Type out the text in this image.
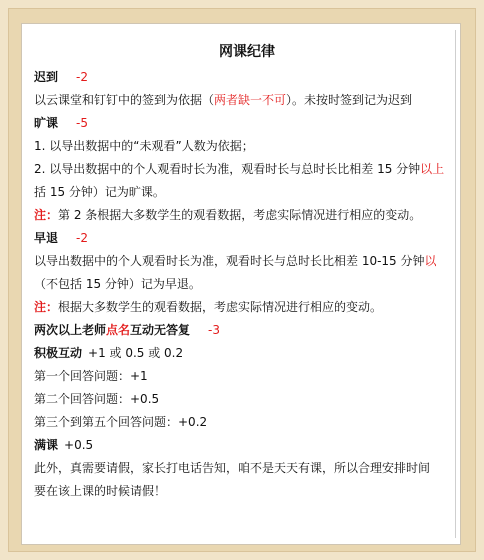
网课纪律
迟到 -2
以云课堂和钉钉中的签到为依据（两者缺一不可）。未按时签到记为迟到
旷课 -5
1. 以导出数据中的“未观看”人数为依据；
2. 以导出数据中的个人观看时长为准，观看时长与总时长比相差 15 分钟以上
括 15 分钟）记为旷课。
注：第 2 条根据大多数学生的观看数据，考虑实际情况进行相应的变动。
早退 -2
以导出数据中的个人观看时长为准，观看时长与总时长比相差 10-15 分钟以
（不包括 15 分钟）记为早退。
注：根据大多数学生的观看数据，考虑实际情况进行相应的变动。
两次以上老师点名互动无答复 -3
积极互动 +1 或 0.5 或 0.2
第一个回答问题：+1
第二个回答问题：+0.5
第三个到第五个回答问题：+0.2
满课 +0.5
此外，真需要请假，家长打电话告知，咱不是天天有课，所以合理安排时间
要在该上课的时候请假！
